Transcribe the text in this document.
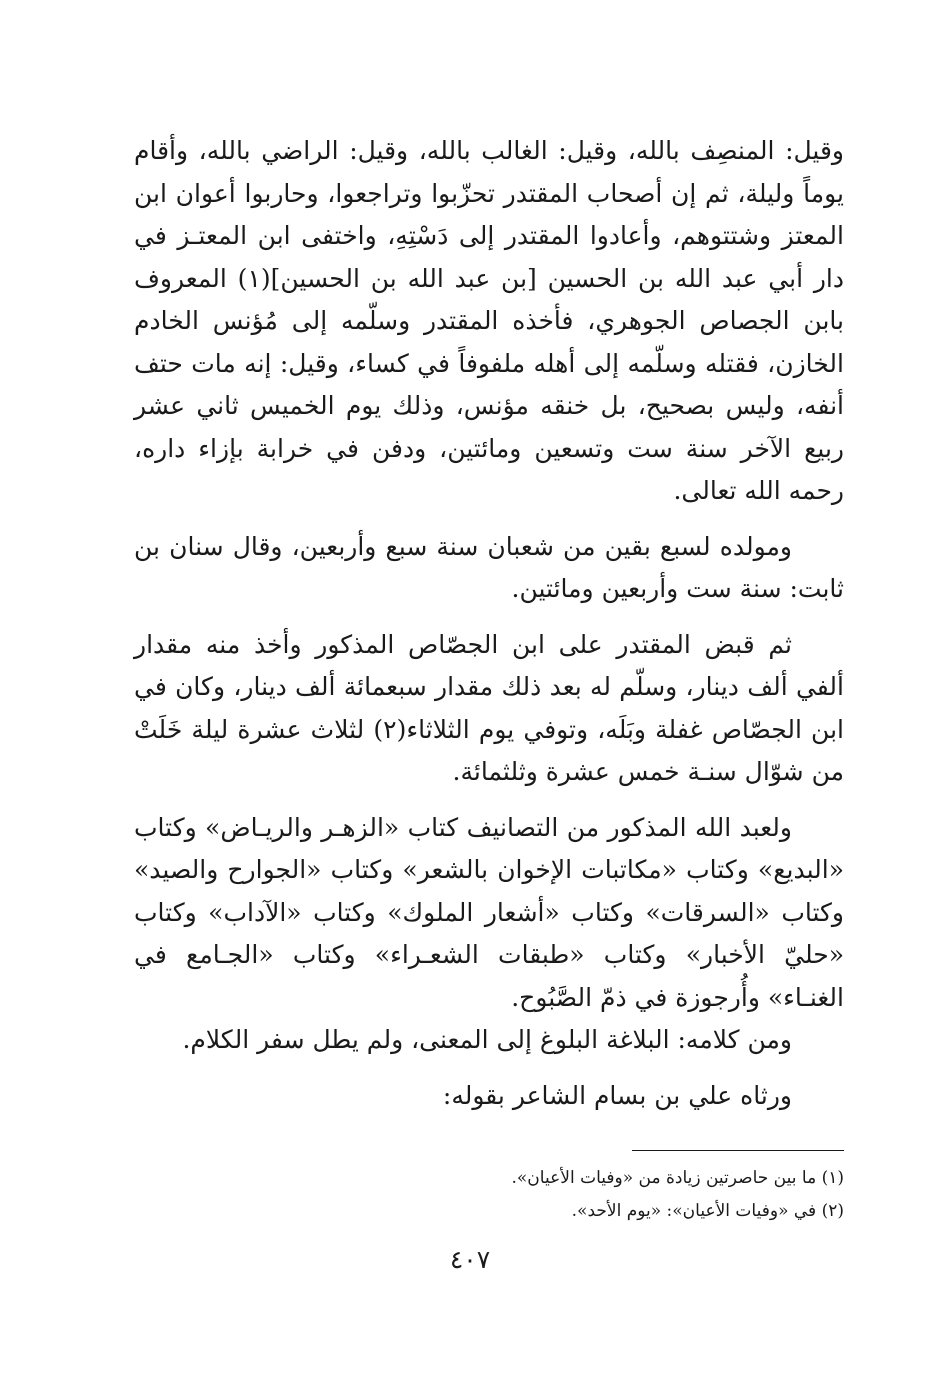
وقيل: المنصِف بالله، وقيل: الغالب بالله، وقيل: الراضي بالله، وأقام يوماً وليلة، ثم إن أصحاب المقتدر تحزّبوا وتراجعوا، وحاربوا أعوان ابن المعتز وشتتوهم، وأعادوا المقتدر إلى دَسْتِهِ، واختفى ابن المعتـز في دار أبي عبد الله بن الحسين [بن عبد الله بن الحسين](١) المعروف بابن الجصاص الجوهري، فأخذه المقتدر وسلّمه إلى مُؤنس الخادم الخازن، فقتله وسلّمه إلى أهله ملفوفاً في كساء، وقيل: إنه مات حتف أنفه، وليس بصحيح، بل خنقه مؤنس، وذلك يوم الخميس ثاني عشر ربيع الآخر سنة ست وتسعين ومائتين، ودفن في خرابة بإزاء داره، رحمه الله تعالى.

ومولده لسبع بقين من شعبان سنة سبع وأربعين، وقال سنان بن ثابت: سنة ست وأربعين ومائتين.

ثم قبض المقتدر على ابن الجصّاص المذكور وأخذ منه مقدار ألفي ألف دينار، وسلّم له بعد ذلك مقدار سبعمائة ألف دينار، وكان في ابن الجصّاص غفلة وبَلَه، وتوفي يوم الثلاثاء(٢) لثلاث عشرة ليلة خَلَتْ من شوّال سنـة خمس عشرة وثلثمائة.

ولعبد الله المذكور من التصانيف كتاب «الزهـر والريـاض» وكتاب «البديع» وكتاب «مكاتبات الإخوان بالشعر» وكتاب «الجوارح والصيد» وكتاب «السرقات» وكتاب «أشعار الملوك» وكتاب «الآداب» وكتاب «حليّ الأخبار» وكتاب «طبقات الشعـراء» وكتاب «الجـامع في الغنـاء» وأُرجوزة في ذمّ الصَّبُوح.

ومن كلامه: البلاغة البلوغ إلى المعنى، ولم يطل سفر الكلام.

ورثاه علي بن بسام الشاعر بقوله:

(١) ما بين حاصرتين زيادة من «وفيات الأعيان».

(٢) في «وفيات الأعيان»: «يوم الأحد».

٤٠٧
